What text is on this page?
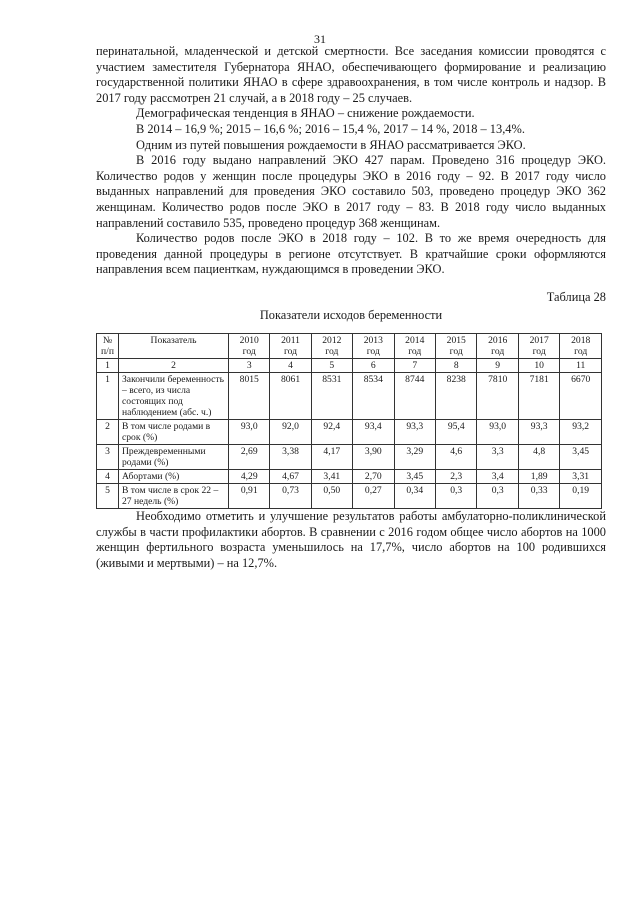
31

перинатальной, младенческой и детской смертности. Все заседания комиссии проводятся с участием заместителя Губернатора ЯНАО, обеспечивающего формирование и реализацию государственной политики ЯНАО в сфере здравоохранения, в том числе контроль и надзор. В 2017 году рассмотрен 21 случай, а в 2018 году – 25 случаев.

Демографическая тенденция в ЯНАО – снижение рождаемости.

В 2014 – 16,9 %; 2015 – 16,6 %; 2016 – 15,4 %, 2017 – 14 %, 2018 – 13,4%.

Одним из путей повышения рождаемости в ЯНАО рассматривается ЭКО.

В 2016 году выдано направлений ЭКО 427 парам. Проведено 316 процедур ЭКО. Количество родов у женщин после процедуры ЭКО в 2016 году – 92. В 2017 году число выданных направлений для проведения ЭКО составило 503, проведено процедур ЭКО 362 женщинам. Количество родов после ЭКО в 2017 году – 83. В 2018 году число выданных направлений составило 535, проведено процедур 368 женщинам.

Количество родов после ЭКО в 2018 году – 102. В то же время очередность для проведения данной процедуры в регионе отсутствует. В кратчайшие сроки оформляются направления всем пациенткам, нуждающимся в проведении ЭКО.

Таблица 28
Показатели исходов беременности
№ п/п	Показатель	2010 год	2011 год	2012 год	2013 год	2014 год	2015 год	2016 год	2017 год	2018 год
1	2	3	4	5	6	7	8	9	10	11
1	Закончили беременность – всего, из числа состоящих под наблюдением (абс. ч.)	8015	8061	8531	8534	8744	8238	7810	7181	6670
2	В том числе родами в срок (%)	93,0	92,0	92,4	93,4	93,3	95,4	93,0	93,3	93,2
3	Преждевременными родами (%)	2,69	3,38	4,17	3,90	3,29	4,6	3,3	4,8	3,45
4	Абортами (%)	4,29	4,67	3,41	2,70	3,45	2,3	3,4	1,89	3,31
5	В том числе в срок 22 – 27 недель (%)	0,91	0,73	0,50	0,27	0,34	0,3	0,3	0,33	0,19

Необходимо отметить и улучшение результатов работы амбулаторно-поликлинической службы в части профилактики абортов. В сравнении с 2016 годом общее число абортов на 1000 женщин фертильного возраста уменьшилось на 17,7%, число абортов на 100 родившихся (живыми и мертвыми) – на 12,7%.
